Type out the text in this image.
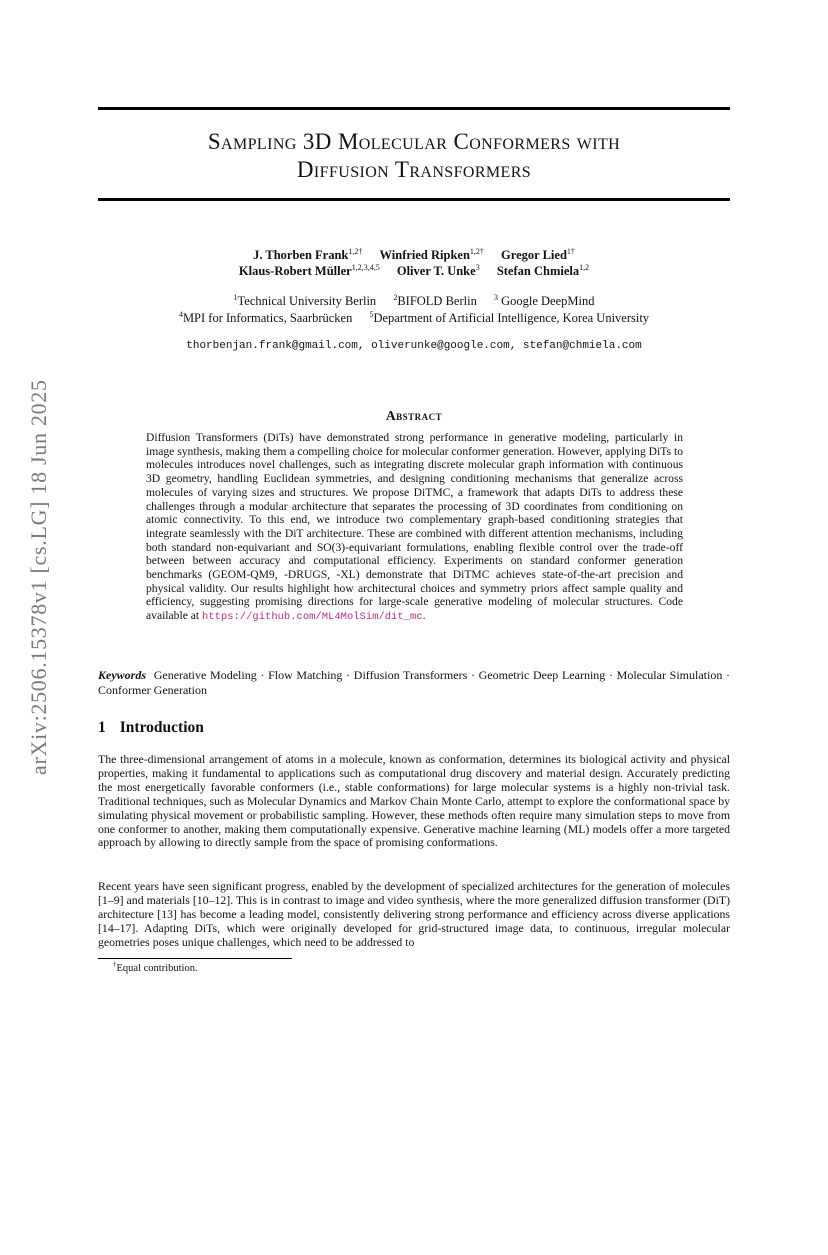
arXiv:2506.15378v1 [cs.LG] 18 Jun 2025
Sampling 3D Molecular Conformers with
Diffusion Transformers
J. Thorben Frank$^{1,2\dagger}$ Winfried Ripken$^{1,2\dagger}$ Gregor Lied$^{1\dagger}$
Klaus-Robert Müller$^{1,2,3,4,5}$ Oliver T. Unke$^3$ Stefan Chmiela$^{1,2}$
$^1$Technical University Berlin $^2$BIFOLD Berlin $^3$ Google DeepMind
$^4$MPI for Informatics, Saarbrücken $^5$Department of Artificial Intelligence, Korea University
thorbenjan.frank@gmail.com, oliverunke@google.com, stefan@chmiela.com
Abstract
Diffusion Transformers (DiTs) have demonstrated strong performance in generative modeling, particularly in image synthesis, making them a compelling choice for molecular conformer generation. However, applying DiTs to molecules introduces novel challenges, such as integrating discrete molecular graph information with continuous 3D geometry, handling Euclidean symmetries, and designing conditioning mechanisms that generalize across molecules of varying sizes and structures. We propose DiTMC, a framework that adapts DiTs to address these challenges through a modular architecture that separates the processing of 3D coordinates from conditioning on atomic connectivity. To this end, we introduce two complementary graph-based conditioning strategies that integrate seamlessly with the DiT architecture. These are combined with different attention mechanisms, including both standard non-equivariant and SO(3)-equivariant formulations, enabling flexible control over the trade-off between between accuracy and computational efficiency. Experiments on standard conformer generation benchmarks (GEOM-QM9, -DRUGS, -XL) demonstrate that DiTMC achieves state-of-the-art precision and physical validity. Our results highlight how architectural choices and symmetry priors affect sample quality and efficiency, suggesting promising directions for large-scale generative modeling of molecular structures. Code available at https://github.com/ML4MolSim/dit_mc.
Keywords Generative Modeling · Flow Matching · Diffusion Transformers · Geometric Deep Learning · Molecular Simulation · Conformer Generation
1 Introduction
The three-dimensional arrangement of atoms in a molecule, known as conformation, determines its biological activity and physical properties, making it fundamental to applications such as computational drug discovery and material design. Accurately predicting the most energetically favorable conformers (i.e., stable conformations) for large molecular systems is a highly non-trivial task. Traditional techniques, such as Molecular Dynamics and Markov Chain Monte Carlo, attempt to explore the conformational space by simulating physical movement or probabilistic sampling. However, these methods often require many simulation steps to move from one conformer to another, making them computationally expensive. Generative machine learning (ML) models offer a more targeted approach by allowing to directly sample from the space of promising conformations.
Recent years have seen significant progress, enabled by the development of specialized architectures for the generation of molecules [1–9] and materials [10–12]. This is in contrast to image and video synthesis, where the more generalized diffusion transformer (DiT) architecture [13] has become a leading model, consistently delivering strong performance and efficiency across diverse applications [14–17]. Adapting DiTs, which were originally developed for grid-structured image data, to continuous, irregular molecular geometries poses unique challenges, which need to be addressed to
†Equal contribution.
